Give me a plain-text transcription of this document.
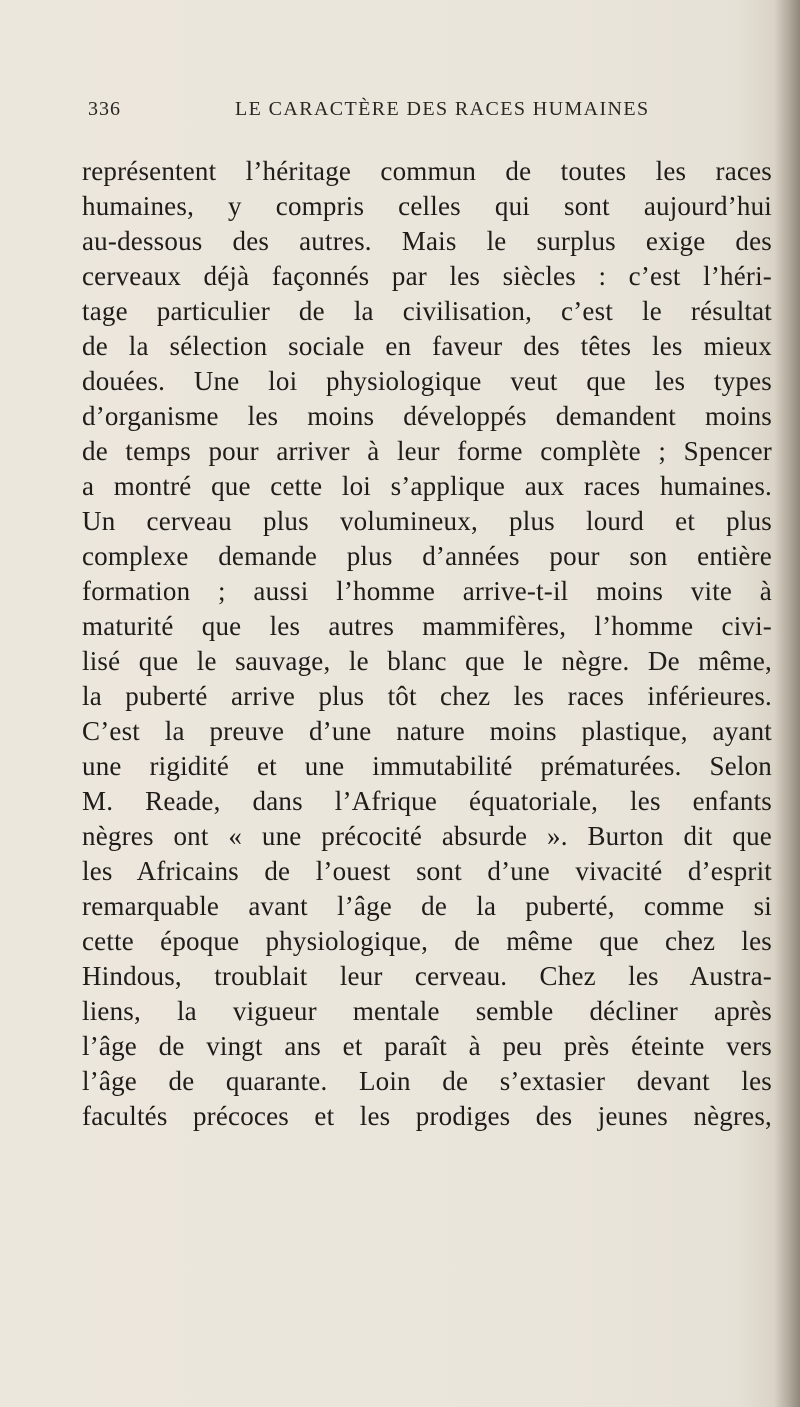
336	LE CARACTÈRE DES RACES HUMAINES
représentent l’héritage commun de toutes les races
humaines, y compris celles qui sont aujourd’hui
au-dessous des autres. Mais le surplus exige des
cerveaux déjà façonnés par les siècles : c’est l’héri-
tage particulier de la civilisation, c’est le résultat
de la sélection sociale en faveur des têtes les mieux
douées. Une loi physiologique veut que les types
d’organisme les moins développés demandent moins
de temps pour arriver à leur forme complète ; Spencer
a montré que cette loi s’applique aux races humaines.
Un cerveau plus volumineux, plus lourd et plus
complexe demande plus d’années pour son entière
formation ; aussi l’homme arrive-t-il moins vite à
maturité que les autres mammifères, l’homme civi-
lisé que le sauvage, le blanc que le nègre. De même,
la puberté arrive plus tôt chez les races inférieures.
C’est la preuve d’une nature moins plastique, ayant
une rigidité et une immutabilité prématurées. Selon
M. Reade, dans l’Afrique équatoriale, les enfants
nègres ont « une précocité absurde ». Burton dit que
les Africains de l’ouest sont d’une vivacité d’esprit
remarquable avant l’âge de la puberté, comme si
cette époque physiologique, de même que chez les
Hindous, troublait leur cerveau. Chez les Austra-
liens, la vigueur mentale semble décliner après
l’âge de vingt ans et paraît à peu près éteinte vers
l’âge de quarante. Loin de s’extasier devant les
facultés précoces et les prodiges des jeunes nègres,
